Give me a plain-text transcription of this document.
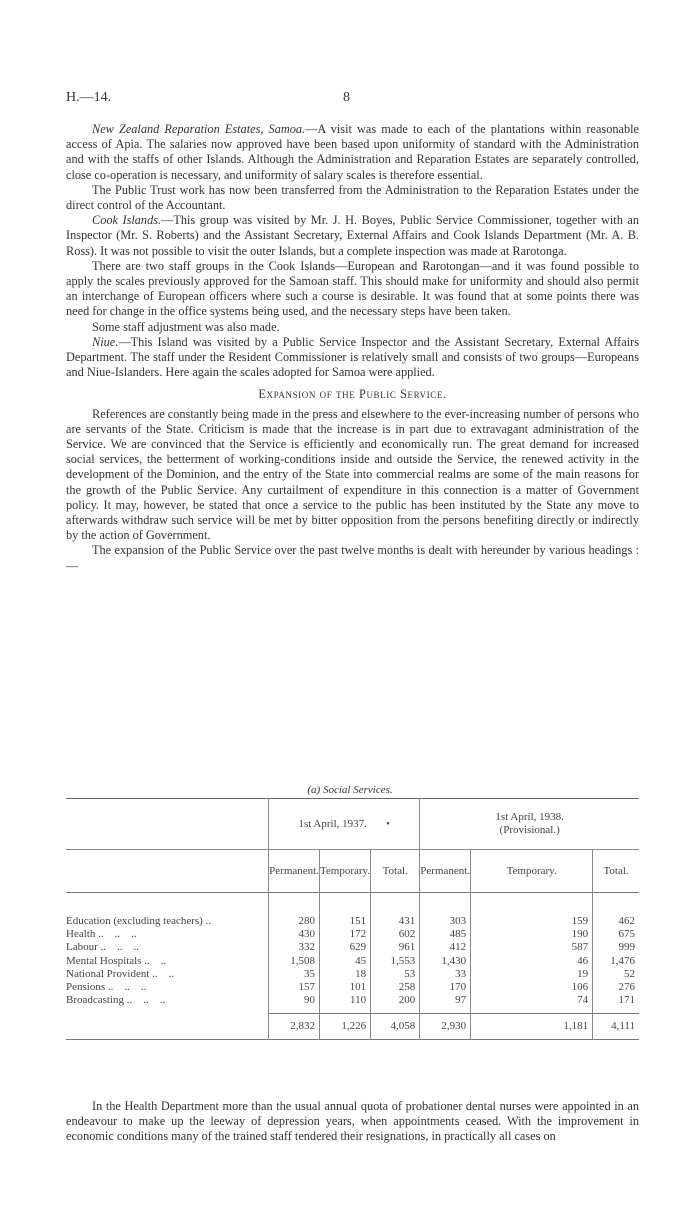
H.—14.	8

New Zealand Reparation Estates, Samoa.—A visit was made to each of the plantations within reasonable access of Apia. The salaries now approved have been based upon uniformity of standard with the Administration and with the staffs of other Islands. Although the Administration and Reparation Estates are separately controlled, close co-operation is necessary, and uniformity of salary scales is therefore essential.

The Public Trust work has now been transferred from the Administration to the Reparation Estates under the direct control of the Accountant.

Cook Islands.—This group was visited by Mr. J. H. Boyes, Public Service Commissioner, together with an Inspector (Mr. S. Roberts) and the Assistant Secretary, External Affairs and Cook Islands Department (Mr. A. B. Ross). It was not possible to visit the outer Islands, but a complete inspection was made at Rarotonga.

There are two staff groups in the Cook Islands—European and Rarotongan—and it was found possible to apply the scales previously approved for the Samoan staff. This should make for uniformity and should also permit an interchange of European officers where such a course is desirable. It was found that at some points there was need for change in the office systems being used, and the necessary steps have been taken.

Some staff adjustment was also made.

Niue.—This Island was visited by a Public Service Inspector and the Assistant Secretary, External Affairs Department. The staff under the Resident Commissioner is relatively small and consists of two groups—Europeans and Niue-Islanders. Here again the scales adopted for Samoa were applied.

Expansion of the Public Service.

References are constantly being made in the press and elsewhere to the ever-increasing number of persons who are servants of the State. Criticism is made that the increase is in part due to extravagant administration of the Service. We are convinced that the Service is efficiently and economically run. The great demand for increased social services, the betterment of working-conditions inside and outside the Service, the renewed activity in the development of the Dominion, and the entry of the State into commercial realms are some of the main reasons for the growth of the Public Service. Any curtailment of expenditure in this connection is a matter of Government policy. It may, however, be stated that once a service to the public has been instituted by the State any move to afterwards withdraw such service will be met by bitter opposition from the persons benefiting directly or indirectly by the action of Government.

The expansion of the Public Service over the past twelve months is dealt with hereunder by various headings :—

(a) Social Services.
	1st April, 1937. •			1st April, 1938.
(Provisional.)		
	Permanent.	Temporary.	Total.	Permanent.	Temporary.	Total.

Education (excluding teachers) ..	280	151	431	303	159	462
Health ..    ..    ..	430	172	602	485	190	675
Labour ..    ..    ..	332	629	961	412	587	999
Mental Hospitals ..    ..	1,508	45	1,553	1,430	46	1,476
National Provident ..    ..	35	18	53	33	19	52
Pensions ..    ..    ..	157	101	258	170	106	276
Broadcasting ..    ..    ..	90	110	200	97	74	171

	2,832	1,226	4,058	2,930	1,181	4,111

In the Health Department more than the usual annual quota of probationer dental nurses were appointed in an endeavour to make up the leeway of depression years, when appointments ceased. With the improvement in economic conditions many of the trained staff tendered their resignations, in practically all cases on
